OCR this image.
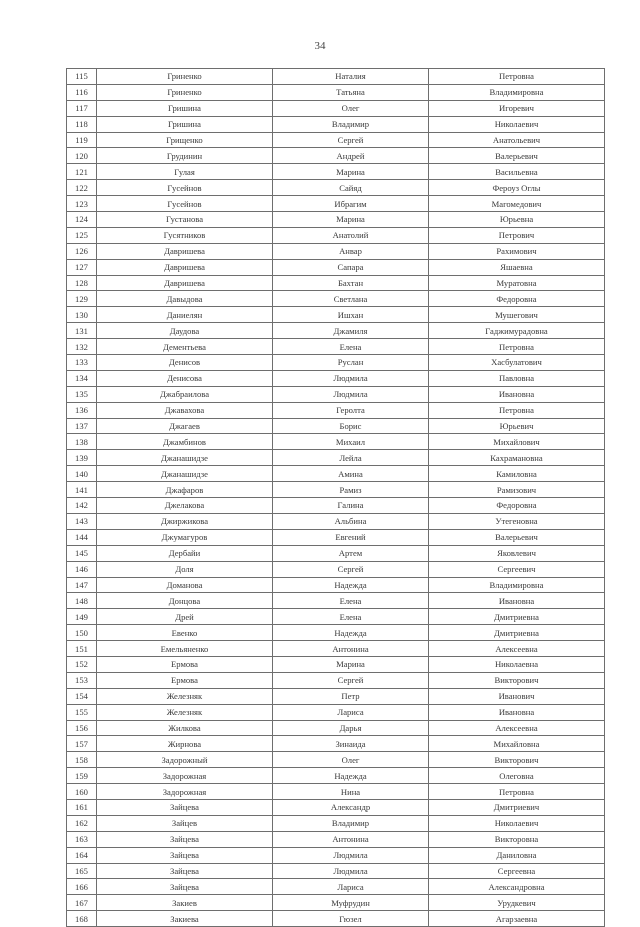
34
115	Гриненко	Наталия	Петровна
116	Гриненко	Татьяна	Владимировна
117	Гришина	Олег	Игоревич
118	Гришина	Владимир	Николаевич
119	Грищенко	Сергей	Анатольевич
120	Грудинин	Андрей	Валерьевич
121	Гулая	Марина	Васильевна
122	Гусейнов	Сайяд	Фероуз Оглы
123	Гусейнов	Ибрагим	Магомедович
124	Густанова	Марина	Юрьевна
125	Гусятников	Анатолий	Петрович
126	Давришева	Анвар	Рахимович
127	Давришева	Сапара	Яшаевна
128	Давришева	Бахтан	Муратовна
129	Давыдова	Светлана	Федоровна
130	Даниелян	Ишхан	Мушегович
131	Даудова	Джамиля	Гаджимурадовна
132	Дементьева	Елена	Петровна
133	Денисов	Руслан	Хасбулатович
134	Денисова	Людмила	Павловна
135	Джабраилова	Людмила	Ивановна
136	Джавахова	Геролта	Петровна
137	Джагаев	Борис	Юрьевич
138	Джамбинов	Михаил	Михайлович
139	Джанашидзе	Лейла	Кахрамановна
140	Джанашидзе	Амина	Камиловна
141	Джафаров	Рамиз	Рамизович
142	Джелакова	Галина	Федоровна
143	Джиржикова	Альбина	Утегеновна
144	Джумагуров	Евгений	Валерьевич
145	Дербайи	Артем	Яковлевич
146	Доля	Сергей	Сергеевич
147	Доманова	Надежда	Владимировна
148	Донцова	Елена	Ивановна
149	Дрей	Елена	Дмитриевна
150	Евенко	Надежда	Дмитриевна
151	Емельяненко	Антонина	Алексеевна
152	Ермова	Марина	Николаевна
153	Ермова	Сергей	Викторович
154	Железняк	Петр	Иванович
155	Железняк	Лариса	Ивановна
156	Жилкова	Дарья	Алексеевна
157	Жирнова	Зинаида	Михайловна
158	Задорожный	Олег	Викторович
159	Задорожная	Надежда	Олеговна
160	Задорожная	Нина	Петровна
161	Зайцева	Александр	Дмитриевич
162	Зайцев	Владимир	Николаевич
163	Зайцева	Антонина	Викторовна
164	Зайцева	Людмила	Даниловна
165	Зайцева	Людмила	Сергеевна
166	Зайцева	Лариса	Александровна
167	Закиев	Муфрудин	Урудкевич
168	Закиева	Гюзел	Агарзаевна
